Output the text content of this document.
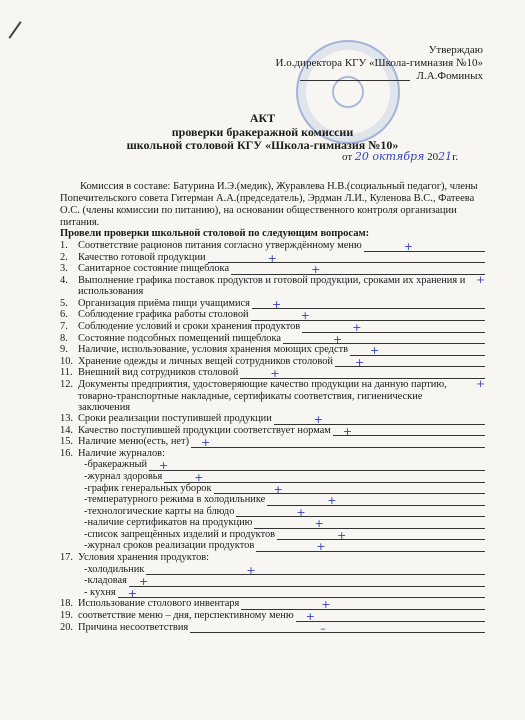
Утверждаю
И.о.директора КГУ «Школа-гимназия №10»
Л.А.Фоминых
АКТ
проверки бракеражной комиссии
школьной столовой КГУ «Школа-гимназия №10»
от 20 октября 2021г.
Комиссия в составе: Батурина И.Э.(медик), Журавлева Н.В.(социальный педагог), члены Попечительского совета Гитерман А.А.(председатель), Эрдман Л.И., Куленова В.С., Фатеева О.С. (члены комиссии по питанию), на основании общественного контроля организации питания.
Провели проверки школьной столовой по следующим вопросам:
1. Соответствие рационов питания согласно утверждённому меню	+
2. Качество готовой продукции	+
3. Санитарное состояние пищеблока	+
4. Выполнение графика поставок продуктов и готовой продукции, сроками их хранения и использования
+
5. Организация приёма пищи учащимися +
6. Соблюдение графика работы столовой	+
7. Соблюдение условий и сроки хранения продуктов	+
8. Состояние подсобных помещений пищеблока	+
9. Наличие, использование, условия хранения моющих средств +
10. Хранение одежды и личных вещей сотрудников столовой +
11. Внешний вид сотрудников столовой	+
12. Документы предприятия, удостоверяющие качество продукции на данную партию, товарно-транспортные накладные, сертификаты соответствия, гигиенические заключения
+
13. Сроки реализации поступившей продукции	+
14. Качество поступившей продукции соответствует нормам +
15. Наличие меню(есть, нет) +
16. Наличие журналов:
-бракеражный +
-журнал здоровья	+
-график генеральных уборок	+
-температурного режима в холодильнике	+
-технологические карты на блюдо	+
-наличие сертификатов на продукцию	+
-список запрещённых изделий и продуктов	+
-журнал сроков реализации продуктов	+
17. Условия хранения продуктов:
-холодильник	+
-кладовая +
- кухня +
18. Использование столового инвентаря	+
19. соответствие меню – дня, перспективному меню +
20. Причина несоответствия	–
